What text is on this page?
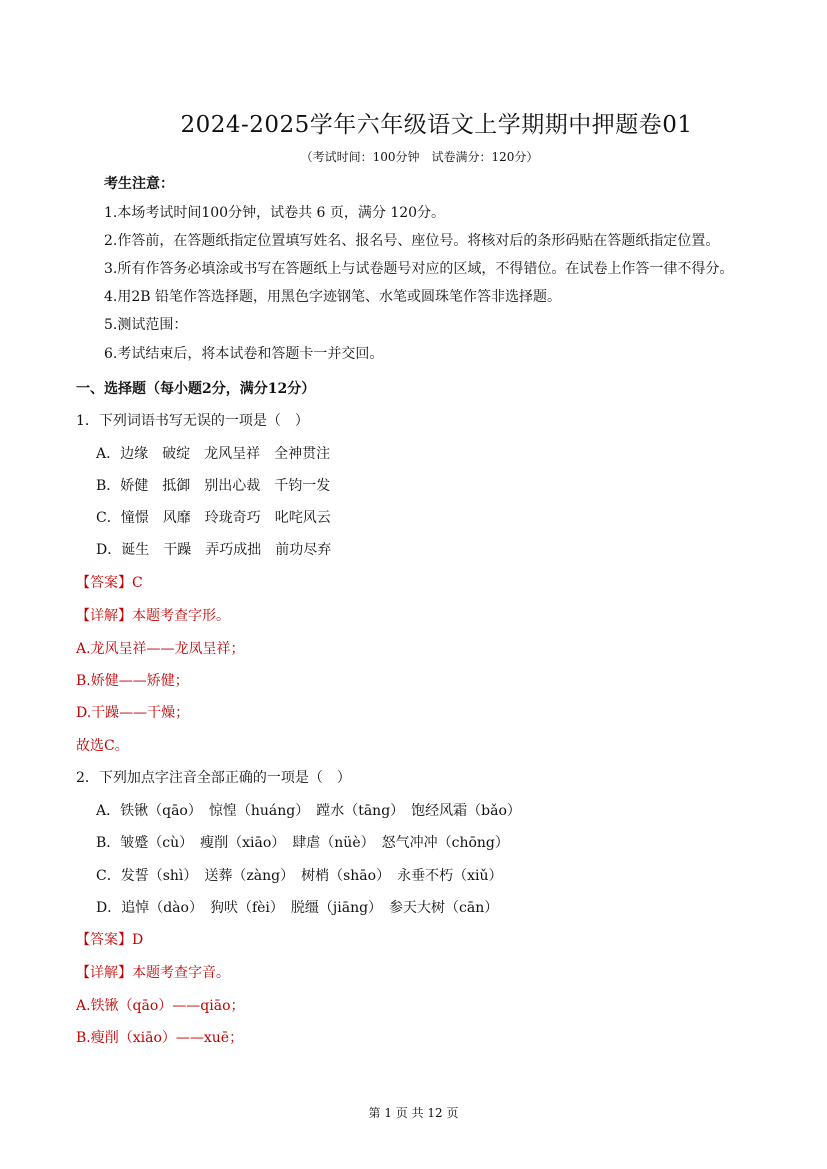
2024-2025学年六年级语文上学期期中押题卷01
（考试时间：100分钟　试卷满分：120分）
考生注意：
1.本场考试时间100分钟，试卷共 6 页，满分 120分。
2.作答前，在答题纸指定位置填写姓名、报名号、座位号。将核对后的条形码贴在答题纸指定位置。
3.所有作答务必填涂或书写在答题纸上与试卷题号对应的区域，不得错位。在试卷上作答一律不得分。
4.用2B 铅笔作答选择题，用黑色字迹钢笔、水笔或圆珠笔作答非选择题。
5.测试范围：
6.考试结束后，将本试卷和答题卡一并交回。
一、选择题（每小题2分，满分12分）
1．下列词语书写无误的一项是（　）
A．边缘　破绽　龙风呈祥　全神贯注
B．娇健　抵御　别出心裁　千钧一发
C．憧憬　风靡　玲珑奇巧　叱咤风云
D．诞生　干躁　弄巧成拙　前功尽弃
【答案】C
【详解】本题考查字形。
A.龙风呈祥——龙凤呈祥；
B.娇健——矫健；
D.干躁——干燥；
故选C。
2．下列加点字注音全部正确的一项是（　）
A．铁锹（qāo）　惊惶（huáng）　蹚水（tāng）　饱经风霜（bǎo）
B．皱蹙（cù）　瘦削（xiāo）　肆虐（nüè）　怒气冲冲（chōng）
C．发誓（shì）　送葬（zàng）　树梢（shāo）　永垂不朽（xiǔ）
D．追悼（dào）　狗吠（fèi）　脱缰（jiāng）　参天大树（cān）
【答案】D
【详解】本题考查字音。
A.铁锹（qāo）——qiāo；
B.瘦削（xiāo）——xuē；
第 1 页 共 12 页
